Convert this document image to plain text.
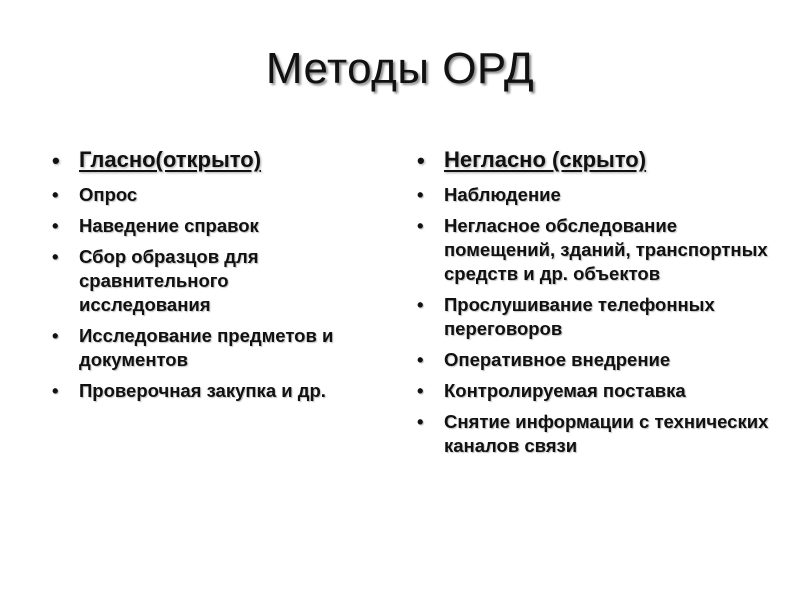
Методы ОРД
• Гласно(открыто)
• Опрос
• Наведение справок
• Сбор образцов для сравнительного исследования
• Исследование предметов и документов
• Проверочная закупка и др.
• Негласно (скрыто)
• Наблюдение
• Негласное обследование помещений, зданий, транспортных средств и др. объектов
• Прослушивание телефонных переговоров
• Оперативное внедрение
• Контролируемая поставка
• Снятие информации с технических каналов связи
